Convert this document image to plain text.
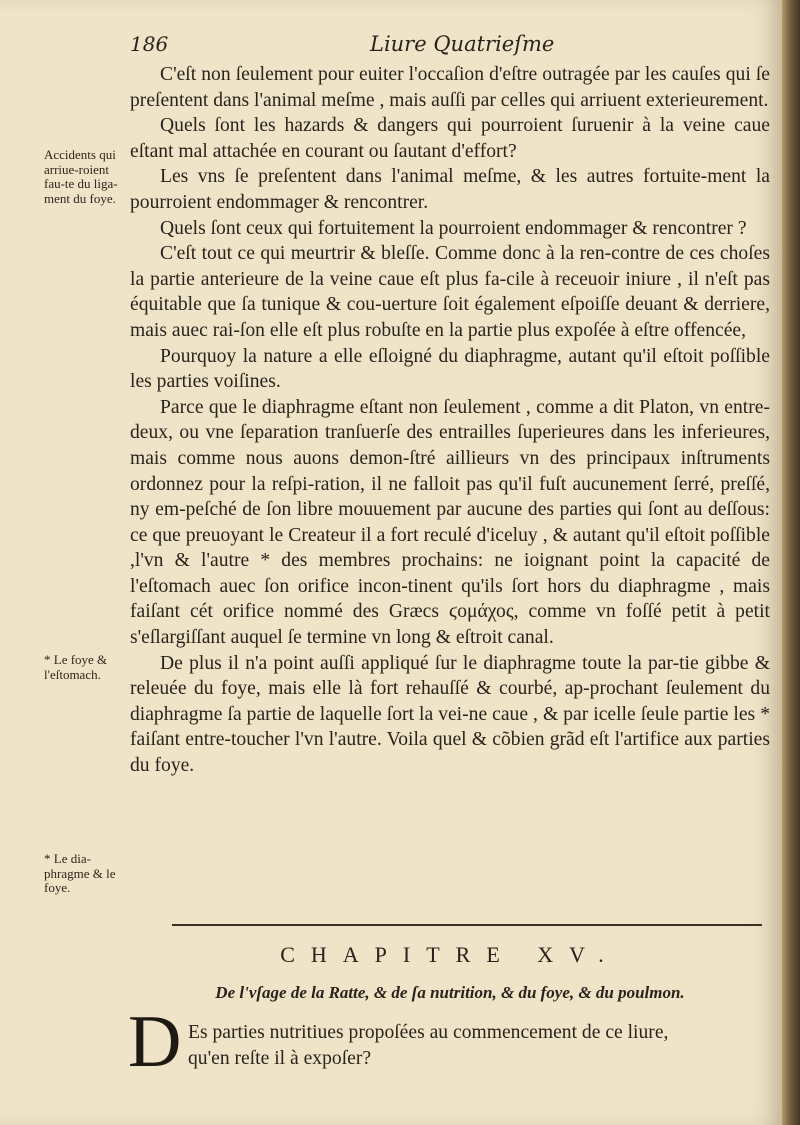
186	Liure Quatrieſme
Accidents qui arriue-roient fau-te du liga-ment du foye.
* Le foye & l'eſtomach.
* Le dia-phragme & le foye.

C'eſt non ſeulement pour euiter l'occaſion d'eſtre outragée par les cauſes qui ſe preſentent dans l'animal meſme , mais auſſi par celles qui arriuent exterieurement.

Quels ſont les hazards & dangers qui pourroient ſuruenir à la veine caue eſtant mal attachée en courant ou ſautant d'effort?

Les vns ſe preſentent dans l'animal meſme, & les autres fortuite-ment la pourroient endommager & rencontrer.

Quels ſont ceux qui fortuitement la pourroient endommager & rencontrer ?

C'eſt tout ce qui meurtrir & bleſſe. Comme donc à la ren-contre de ces choſes la partie anterieure de la veine caue eſt plus fa-cile à receuoir iniure , il n'eſt pas équitable que ſa tunique & cou-uerture ſoit également eſpoiſſe deuant & derriere, mais auec rai-ſon elle eſt plus robuſte en la partie plus expoſée à eſtre offencée,

Pourquoy la nature a elle eſloigné du diaphragme, autant qu'il eſtoit poſſible les parties voiſines.

Parce que le diaphragme eſtant non ſeulement , comme a dit Platon, vn entre-deux, ou vne ſeparation tranſuerſe des entrailles ſuperieures dans les inferieures, mais comme nous auons demon-ſtré aillieurs vn des principaux inſtruments ordonnez pour la reſpi-ration, il ne falloit pas qu'il fuſt aucunement ſerré, preſſé, ny em-peſché de ſon libre mouuement par aucune des parties qui ſont au deſſous: ce que preuoyant le Createur il a fort reculé d'iceluy , & autant qu'il eſtoit poſſible ,l'vn & l'autre * des membres prochains: ne ioignant point la capacité de l'eſtomach auec ſon orifice incon-tinent qu'ils ſort hors du diaphragme , mais faiſant cét orifice nommé des Græcs ϛομάχος, comme vn foſſé petit à petit s'eſlargiſſant auquel ſe termine vn long & eſtroit canal.

De plus il n'a point auſſi appliqué ſur le diaphragme toute la par-tie gibbe & releuée du foye, mais elle là fort rehauſſé & courbé, ap-prochant ſeulement du diaphragme ſa partie de laquelle ſort la vei-ne caue , & par icelle ſeule partie les * faiſant entre-toucher l'vn l'autre. Voila quel & cõbien grãd eſt l'artifice aux parties du foye.

CHAPITRE XV.
De l'vſage de la Ratte, & de ſa nutrition, & du foye, & du poulmon.
D Es parties nutritiues propoſées au commencement de ce liure,
qu'en reſte il à expoſer?
